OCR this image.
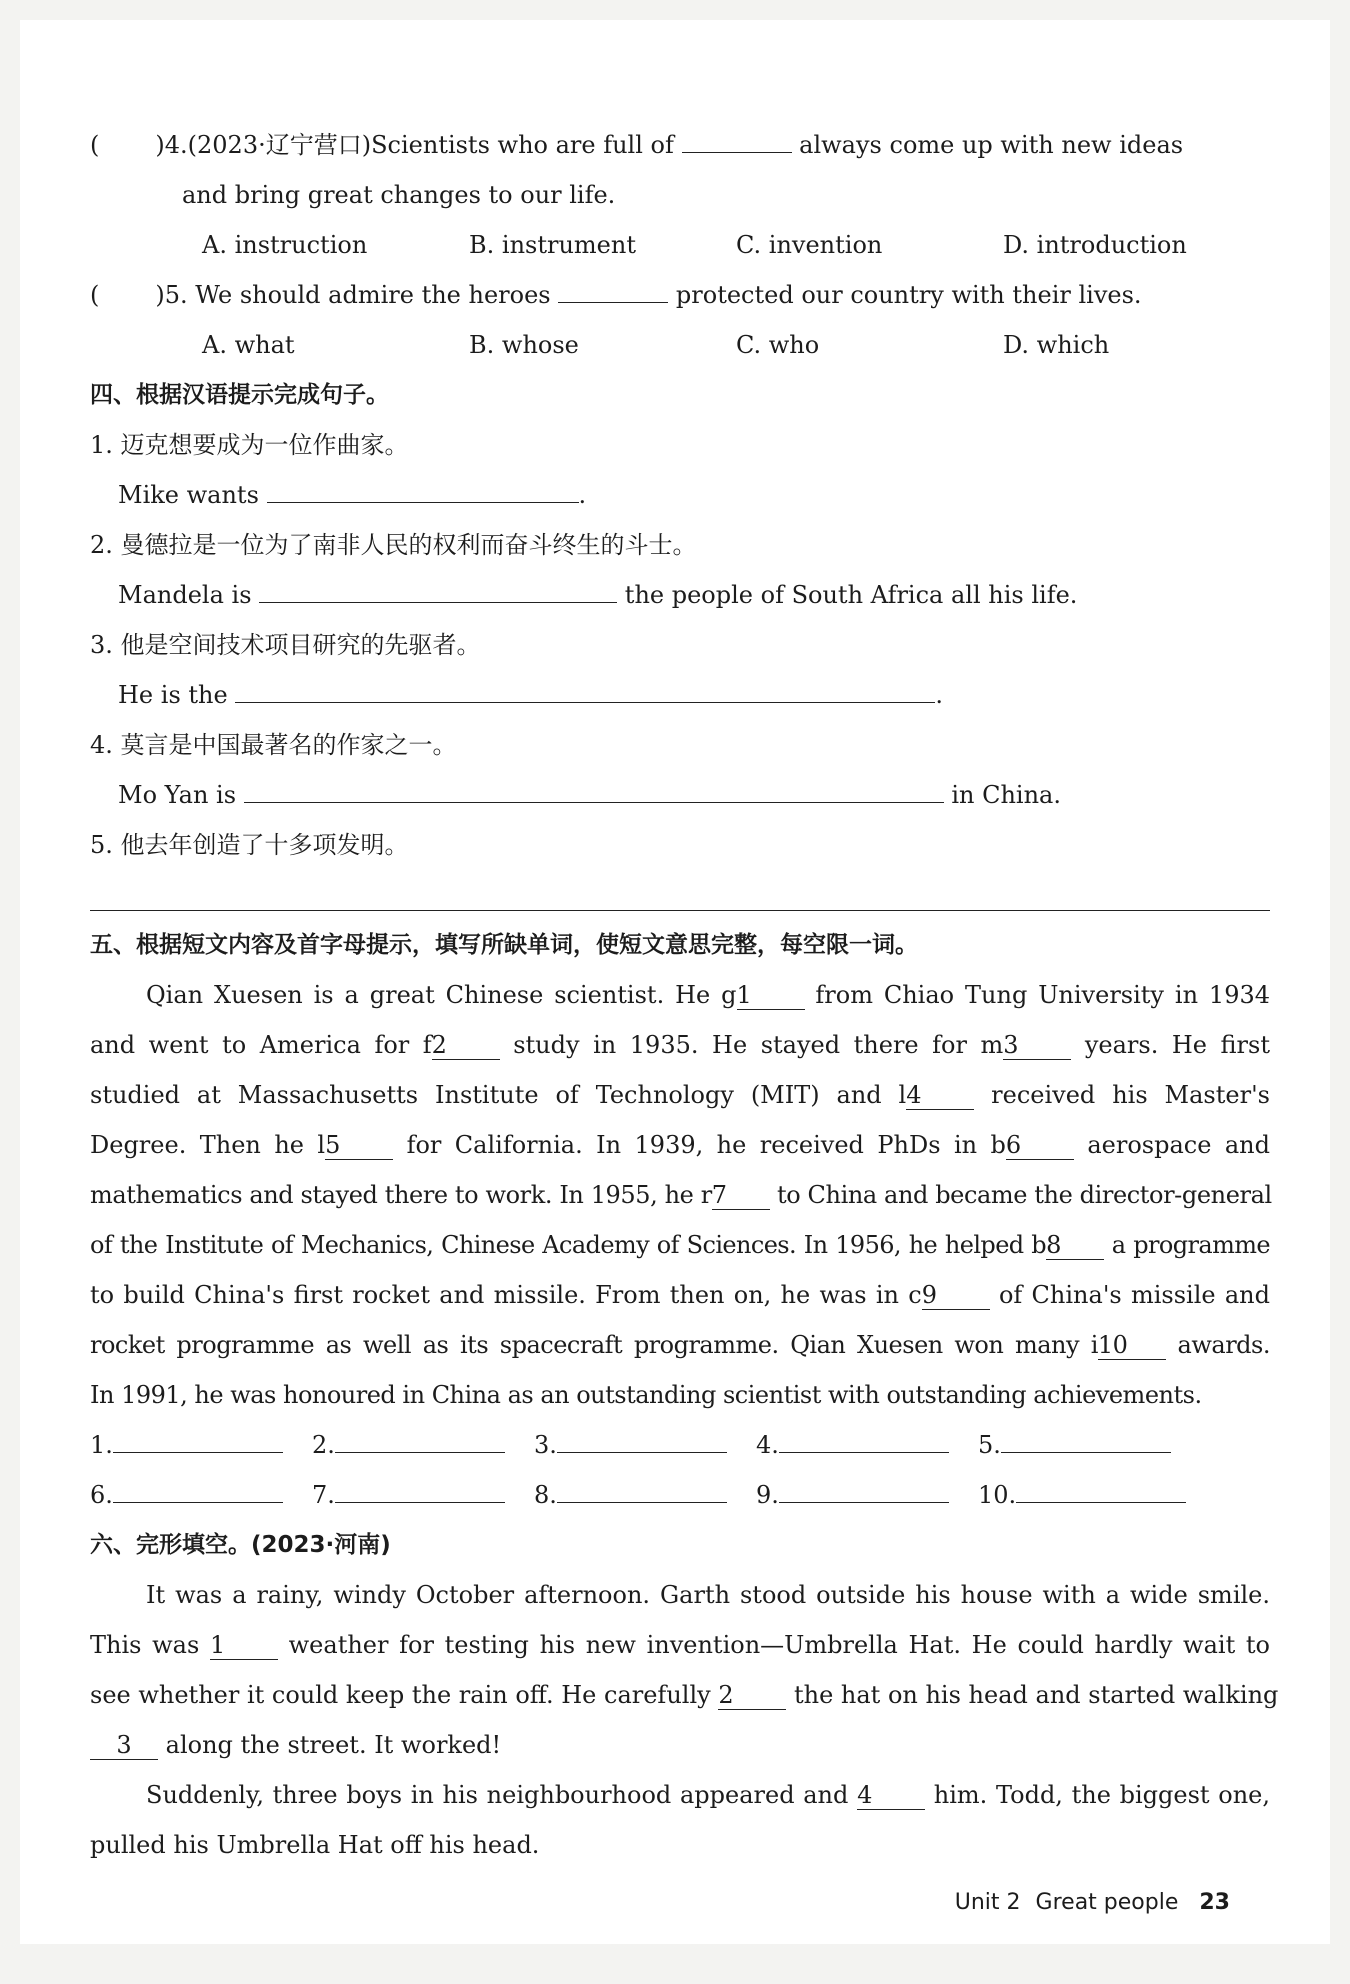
( )4.(2023·辽宁营口)Scientists who are full of	always come up with new ideas
and bring great changes to our life.
A. instruction	B. instrument	C. invention	D. introduction
( )5. We should admire the heroes	protected our country with their lives.
A. what	B. whose	C. who	D. which
四、根据汉语提示完成句子。
1. 迈克想要成为一位作曲家。
Mike wants	.
2. 曼德拉是一位为了南非人民的权利而奋斗终生的斗士。
Mandela is	the people of South Africa all his life.
3. 他是空间技术项目研究的先驱者。
He is the	.
4. 莫言是中国最著名的作家之一。
Mo Yan is	in China.
5. 他去年创造了十多项发明。
五、根据短文内容及首字母提示，填写所缺单词，使短文意思完整，每空限一词。
Qian Xuesen is a great Chinese scientist. He g1	from Chiao Tung University in 1934
and went to America for f2	study in 1935. He stayed there for m3	years. He first
studied at Massachusetts Institute of Technology (MIT) and l4	received his Master's
Degree. Then he l5	for California. In 1939, he received PhDs in b6	aerospace and
mathematics and stayed there to work. In 1955, he r7 to China and became the director-general
of the Institute of Mechanics, Chinese Academy of Sciences. In 1956, he helped b8 a programme
to build China's first rocket and missile. From then on, he was in c9	of China's missile and
rocket programme as well as its spacecraft programme. Qian Xuesen won many i10 awards.
In 1991, he was honoured in China as an outstanding scientist with outstanding achievements.
1.	2.	3.	4.	5.
6.	7.	8.	9.	10.
六、完形填空。(2023·河南)
It was a rainy, windy October afternoon. Garth stood outside his house with a wide smile.
This was 1	weather for testing his new invention—Umbrella Hat. He could hardly wait to
see whether it could keep the rain off. He carefully 2	the hat on his head and started walking
3 along the street. It worked!
Suddenly, three boys in his neighbourhood appeared and 4	him. Todd, the biggest one,
pulled his Umbrella Hat off his head.
Unit 2 Great people 23
